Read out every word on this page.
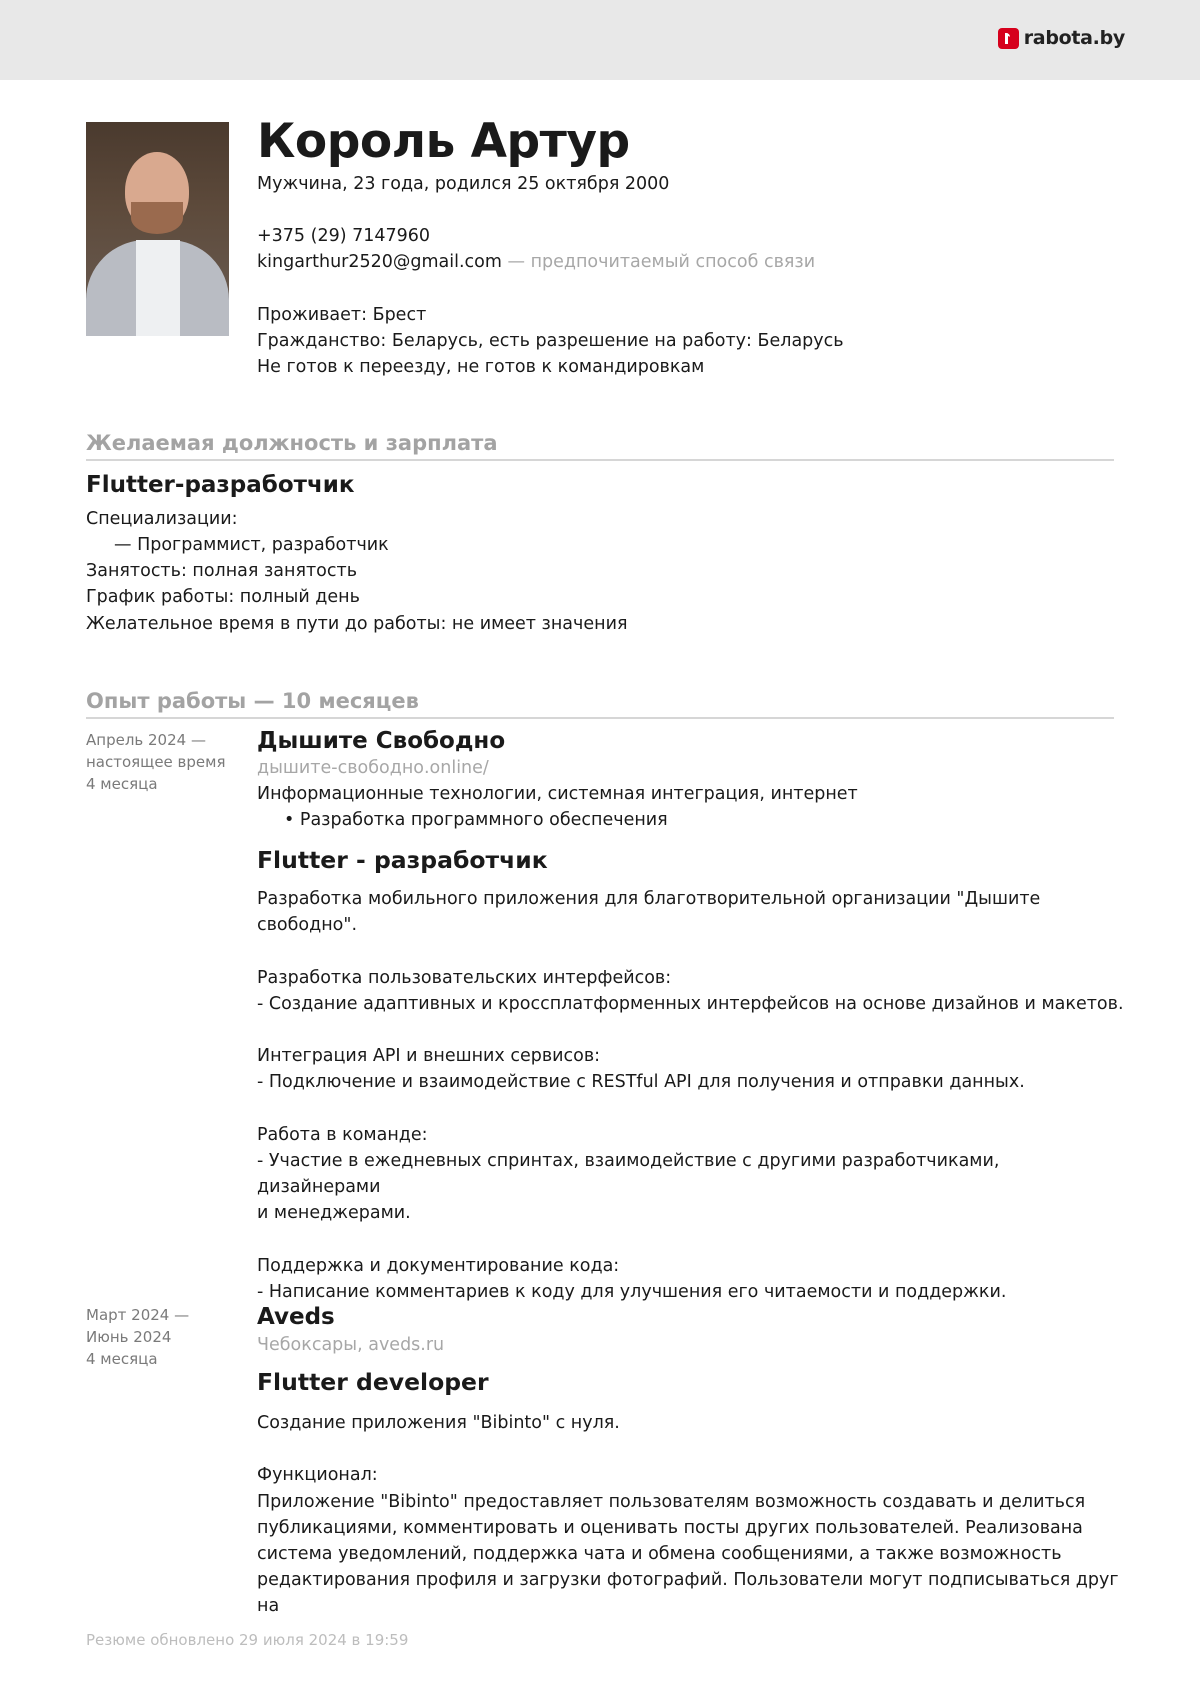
rabota.by
Король Артур

Мужчина, 23 года, родился 25 октября 2000

+375 (29) 7147960

kingarthur2520@gmail.com — предпочитаемый способ связи

Проживает: Брест

Гражданство: Беларусь, есть разрешение на работу: Беларусь

Не готов к переезду, не готов к командировкам

Желаемая должность и зарплата
Flutter-разработчик

Специализации:

— Программист, разработчик

Занятость: полная занятость

График работы: полный день

Желательное время в пути до работы: не имеет значения

Опыт работы — 10 месяцев
Апрель 2024 —
настоящее время
4 месяца
Дышите Свободно

дышите-свободно.online/

Информационные технологии, системная интеграция, интернет

• Разработка программного обеспечения

Flutter - разработчик

Разработка мобильного приложения для благотворительной организации "Дышите свободно".

Разработка пользовательских интерфейсов:
- Создание адаптивных и кроссплатформенных интерфейсов на основе дизайнов и макетов.

Интеграция API и внешних сервисов:
- Подключение и взаимодействие с RESTful API для получения и отправки данных.

Работа в команде:
- Участие в ежедневных спринтах, взаимодействие с другими разработчиками, дизайнерами
и менеджерами.

Поддержка и документирование кода:
- Написание комментариев к коду для улучшения его читаемости и поддержки.

Март 2024 —
Июнь 2024
4 месяца
Aveds

Чебоксары, aveds.ru

Flutter developer

Создание приложения "Bibinto" с нуля.

Функционал:
Приложение "Bibinto" предоставляет пользователям возможность создавать и делиться
публикациями, комментировать и оценивать посты других пользователей. Реализована
система уведомлений, поддержка чата и обмена сообщениями, а также возможность
редактирования профиля и загрузки фотографий. Пользователи могут подписываться друг на

Резюме обновлено 29 июля 2024 в 19:59
